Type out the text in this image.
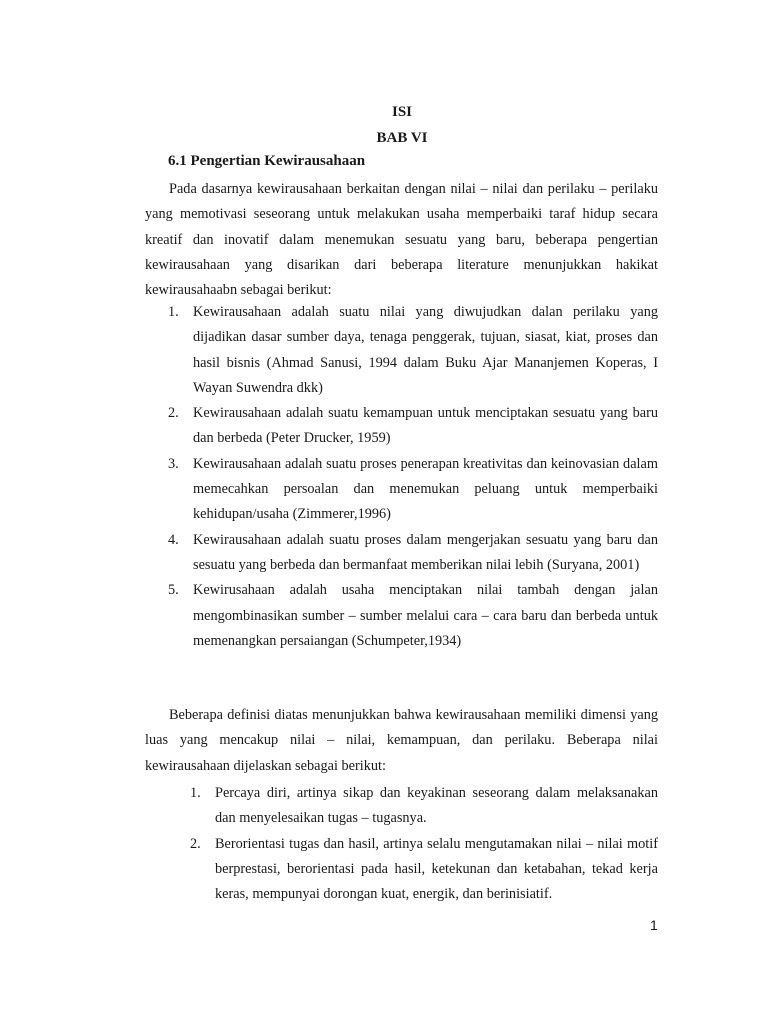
ISI
BAB VI
6.1 Pengertian Kewirausahaan

Pada dasarnya kewirausahaan berkaitan dengan nilai – nilai dan perilaku – perilaku yang memotivasi seseorang untuk melakukan usaha memperbaiki taraf hidup secara kreatif dan inovatif dalam menemukan sesuatu yang baru, beberapa pengertian kewirausahaan yang disarikan dari beberapa literature menunjukkan hakikat kewirausahaabn sebagai berikut:

1. Kewirausahaan adalah suatu nilai yang diwujudkan dalan perilaku yang dijadikan dasar sumber daya, tenaga penggerak, tujuan, siasat, kiat, proses dan hasil bisnis (Ahmad Sanusi, 1994 dalam Buku Ajar Mananjemen Koperas, I Wayan Suwendra dkk)
2. Kewirausahaan adalah suatu kemampuan untuk menciptakan sesuatu yang baru dan berbeda (Peter Drucker, 1959)
3. Kewirausahaan adalah suatu proses penerapan kreativitas dan keinovasian dalam memecahkan persoalan dan menemukan peluang untuk memperbaiki kehidupan/usaha (Zimmerer,1996)
4. Kewirausahaan adalah suatu proses dalam mengerjakan sesuatu yang baru dan sesuatu yang berbeda dan bermanfaat memberikan nilai lebih (Suryana, 2001)
5. Kewirusahaan adalah usaha menciptakan nilai tambah dengan jalan mengombinasikan sumber – sumber melalui cara – cara baru dan berbeda untuk memenangkan persaiangan (Schumpeter,1934)

Beberapa definisi diatas menunjukkan bahwa kewirausahaan memiliki dimensi yang luas yang mencakup nilai – nilai, kemampuan, dan perilaku. Beberapa nilai kewirausahaan dijelaskan sebagai berikut:

1. Percaya diri, artinya sikap dan keyakinan seseorang dalam melaksanakan dan menyelesaikan tugas – tugasnya.
2. Berorientasi tugas dan hasil, artinya selalu mengutamakan nilai – nilai motif berprestasi, berorientasi pada hasil, ketekunan dan ketabahan, tekad kerja keras, mempunyai dorongan kuat, energik, dan berinisiatif.
1
